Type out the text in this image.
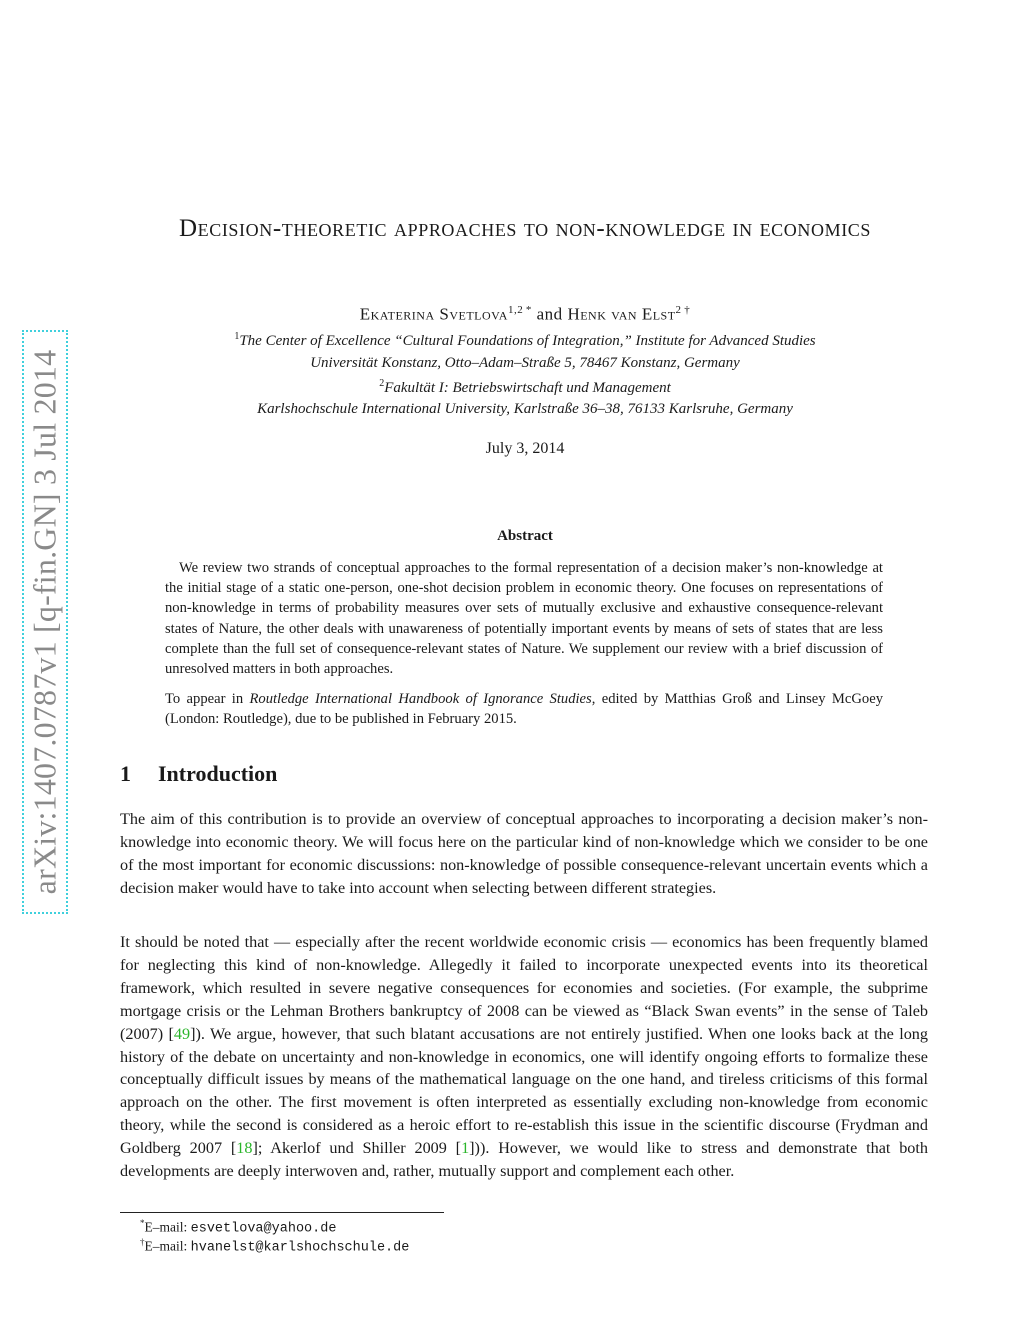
arXiv:1407.0787v1 [q-fin.GN] 3 Jul 2014
Decision-theoretic approaches to non-knowledge in economics
Ekaterina Svetlova$^{1,2 *}$ and Henk van Elst$^{2 \dagger}$
$^1$The Center of Excellence “Cultural Foundations of Integration,” Institute for Advanced Studies
Universität Konstanz, Otto–Adam–Straße 5, 78467 Konstanz, Germany
$^2$Fakultät I: Betriebswirtschaft und Management
Karlshochschule International University, Karlstraße 36–38, 76133 Karlsruhe, Germany
July 3, 2014
Abstract

We review two strands of conceptual approaches to the formal representation of a decision maker’s non-knowledge at the initial stage of a static one-person, one-shot decision problem in economic theory. One focuses on representations of non-knowledge in terms of probability measures over sets of mutually exclusive and exhaustive consequence-relevant states of Nature, the other deals with unawareness of potentially important events by means of sets of states that are less complete than the full set of consequence-relevant states of Nature. We supplement our review with a brief discussion of unresolved matters in both approaches.

To appear in Routledge International Handbook of Ignorance Studies, edited by Matthias Groß and Linsey McGoey (London: Routledge), due to be published in February 2015.

1 Introduction

The aim of this contribution is to provide an overview of conceptual approaches to incorporating a decision maker’s non-knowledge into economic theory. We will focus here on the particular kind of non-knowledge which we consider to be one of the most important for economic discussions: non-knowledge of possible consequence-relevant uncertain events which a decision maker would have to take into account when selecting between different strategies.

It should be noted that — especially after the recent worldwide economic crisis — economics has been frequently blamed for neglecting this kind of non-knowledge. Allegedly it failed to incorporate unexpected events into its theoretical framework, which resulted in severe negative consequences for economies and societies. (For example, the subprime mortgage crisis or the Lehman Brothers bankruptcy of 2008 can be viewed as “Black Swan events” in the sense of Taleb (2007) [49]). We argue, however, that such blatant accusations are not entirely justified. When one looks back at the long history of the debate on uncertainty and non-knowledge in economics, one will identify ongoing efforts to formalize these conceptually difficult issues by means of the mathematical language on the one hand, and tireless criticisms of this formal approach on the other. The first movement is often interpreted as essentially excluding non-knowledge from economic theory, while the second is considered as a heroic effort to re-establish this issue in the scientific discourse (Frydman and Goldberg 2007 [18]; Akerlof und Shiller 2009 [1])). However, we would like to stress and demonstrate that both developments are deeply interwoven and, rather, mutually support and complement each other.

*E–mail: esvetlova@yahoo.de
†E–mail: hvanelst@karlshochschule.de
